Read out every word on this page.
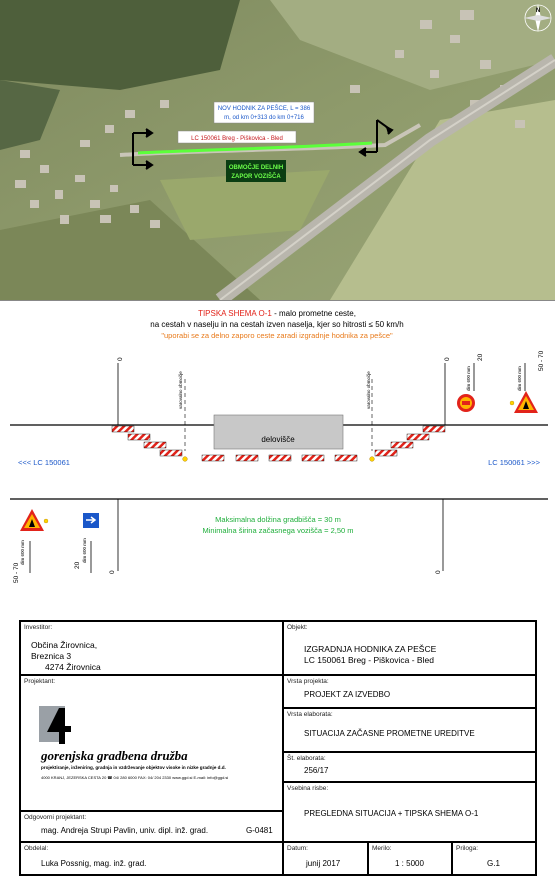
LC 150061 Breg - Piškovica - Bled
NOV HODNIK ZA PEŠCE, L = 386
m, od km 0+313 do km 0+716
OBMOČJE DELNIH
ZAPOR VOZIŠČA
N
TIPSKA SHEMA O-1 - malo prometne ceste,
na cestah v naselju in na cestah izven naselja, kjer so hitrosti ≤ 50 km/h
"uporabi se za delno zaporo ceste zaradi izgradnje hodnika za pešce"
0	0	20	50 - 70
varovalno območje	varovalno območje	dim 600 mm	dim 600 mm
0	0
20
50 - 70
dim 600 mm	dim 600 mm
delovišče
<<< LC 150061	LC 150061 >>>
Maksimalna dolžina gradbišča = 30 m
Minimalna širina začasnega vozišča = 2,50 m
Investitor:
Občina Žirovnica,
Breznica 3
4274 Žirovnica
Objekt:
IZGRADNJA HODNIKA ZA PEŠCE
LC 150061 Breg - Piškovica - Bled
Projektant:
gorenjska gradbena družba
projektiranje, inženiring, gradnja in vzdrževanje objektov visoke in nizke gradnje d.d.
4000 KRANJ, JEZERSKA CESTA 20 ☎ 04/ 280 6000 FAX: 04/ 204 2330 www.ggd.si E-mail: info@ggd.si
Vrsta projekta:
PROJEKT ZA IZVEDBO
Vrsta elaborata:
SITUACIJA ZAČASNE PROMETNE UREDITVE
Št. elaborata:
256/17
Vsebina risbe:
PREGLEDNA SITUACIJA + TIPSKA SHEMA O-1
Odgovorni projektant:
mag. Andreja Strupi Pavlin, univ. dipl. inž. grad.	G-0481
Obdelal:
Luka Possnig, mag. inž. grad.
Datum:
junij 2017
Merilo:
1 : 5000
Priloga:
G.1
